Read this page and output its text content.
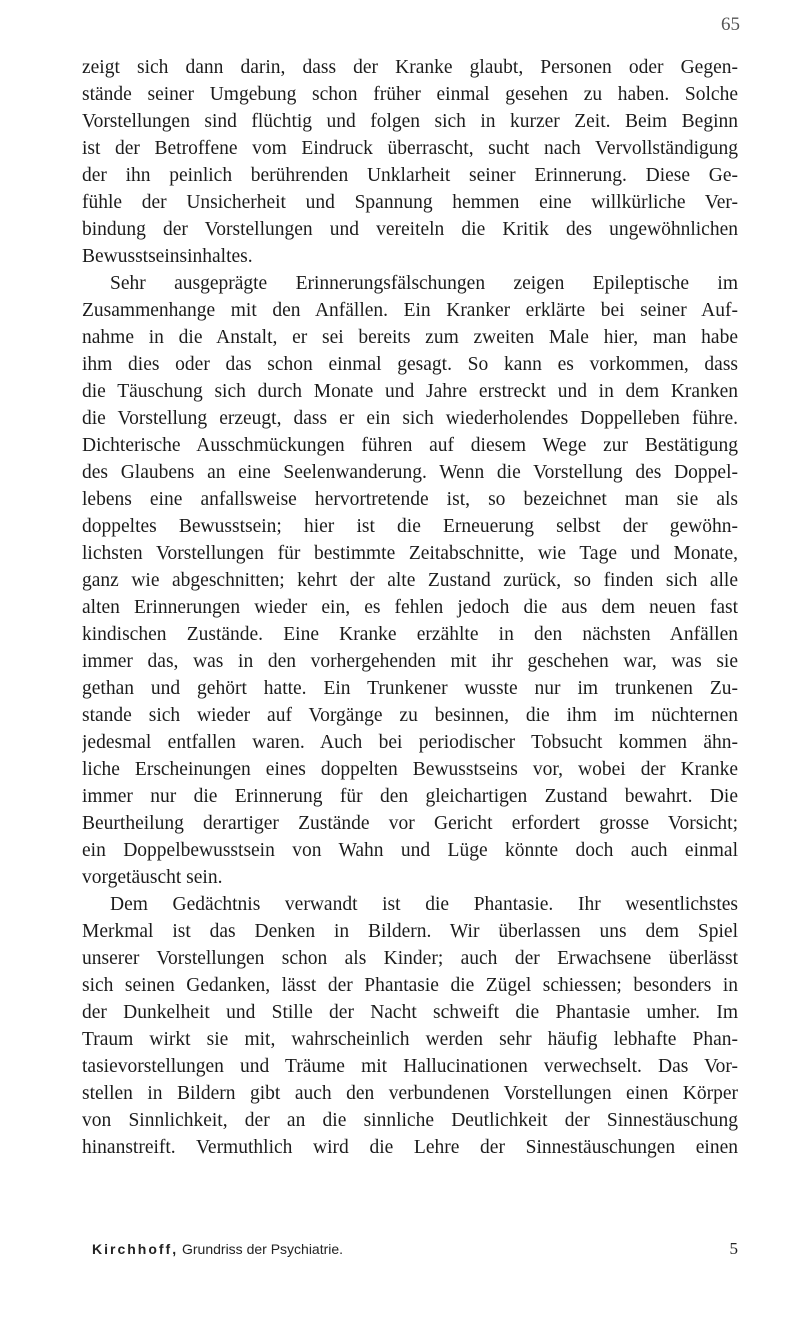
65
zeigt sich dann darin, dass der Kranke glaubt, Personen oder Gegen-
stände seiner Umgebung schon früher einmal gesehen zu haben. Solche
Vorstellungen sind flüchtig und folgen sich in kurzer Zeit. Beim Beginn
ist der Betroffene vom Eindruck überrascht, sucht nach Vervollständigung
der ihn peinlich berührenden Unklarheit seiner Erinnerung. Diese Ge-
fühle der Unsicherheit und Spannung hemmen eine willkürliche Ver-
bindung der Vorstellungen und vereiteln die Kritik des ungewöhnlichen
Bewusstseinsinhaltes.
Sehr ausgeprägte Erinnerungsfälschungen zeigen Epileptische im
Zusammenhange mit den Anfällen. Ein Kranker erklärte bei seiner Auf-
nahme in die Anstalt, er sei bereits zum zweiten Male hier, man habe
ihm dies oder das schon einmal gesagt. So kann es vorkommen, dass
die Täuschung sich durch Monate und Jahre erstreckt und in dem Kranken
die Vorstellung erzeugt, dass er ein sich wiederholendes Doppelleben führe.
Dichterische Ausschmückungen führen auf diesem Wege zur Bestätigung
des Glaubens an eine Seelenwanderung. Wenn die Vorstellung des Doppel-
lebens eine anfallsweise hervortretende ist, so bezeichnet man sie als
doppeltes Bewusstsein; hier ist die Erneuerung selbst der gewöhn-
lichsten Vorstellungen für bestimmte Zeitabschnitte, wie Tage und Monate,
ganz wie abgeschnitten; kehrt der alte Zustand zurück, so finden sich alle
alten Erinnerungen wieder ein, es fehlen jedoch die aus dem neuen fast
kindischen Zustände. Eine Kranke erzählte in den nächsten Anfällen
immer das, was in den vorhergehenden mit ihr geschehen war, was sie
gethan und gehört hatte. Ein Trunkener wusste nur im trunkenen Zu-
stande sich wieder auf Vorgänge zu besinnen, die ihm im nüchternen
jedesmal entfallen waren. Auch bei periodischer Tobsucht kommen ähn-
liche Erscheinungen eines doppelten Bewusstseins vor, wobei der Kranke
immer nur die Erinnerung für den gleichartigen Zustand bewahrt. Die
Beurtheilung derartiger Zustände vor Gericht erfordert grosse Vorsicht;
ein Doppelbewusstsein von Wahn und Lüge könnte doch auch einmal
vorgetäuscht sein.
Dem Gedächtnis verwandt ist die Phantasie. Ihr wesentlichstes
Merkmal ist das Denken in Bildern. Wir überlassen uns dem Spiel
unserer Vorstellungen schon als Kinder; auch der Erwachsene überlässt
sich seinen Gedanken, lässt der Phantasie die Zügel schiessen; besonders in
der Dunkelheit und Stille der Nacht schweift die Phantasie umher. Im
Traum wirkt sie mit, wahrscheinlich werden sehr häufig lebhafte Phan-
tasievorstellungen und Träume mit Hallucinationen verwechselt. Das Vor-
stellen in Bildern gibt auch den verbundenen Vorstellungen einen Körper
von Sinnlichkeit, der an die sinnliche Deutlichkeit der Sinnestäuschung
hinanstreift. Vermuthlich wird die Lehre der Sinnestäuschungen einen
Kirchhoff, Grundriss der Psychiatrie.	5
